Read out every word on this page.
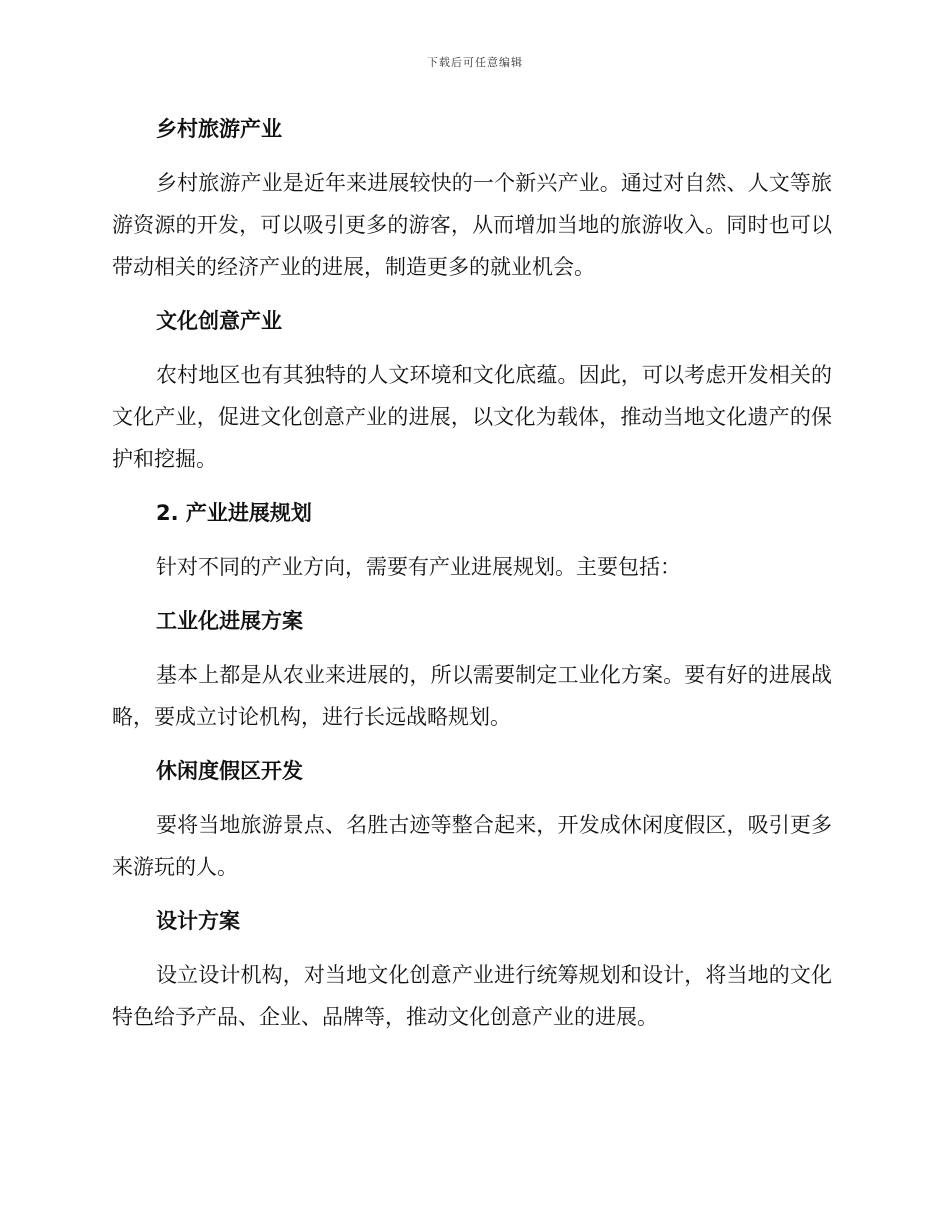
下载后可任意编辑
乡村旅游产业

乡村旅游产业是近年来进展较快的一个新兴产业。通过对自然、人文等旅游资源的开发，可以吸引更多的游客，从而增加当地的旅游收入。同时也可以带动相关的经济产业的进展，制造更多的就业机会。

文化创意产业

农村地区也有其独特的人文环境和文化底蕴。因此，可以考虑开发相关的文化产业，促进文化创意产业的进展，以文化为载体，推动当地文化遗产的保护和挖掘。

2. 产业进展规划

针对不同的产业方向，需要有产业进展规划。主要包括：

工业化进展方案

基本上都是从农业来进展的，所以需要制定工业化方案。要有好的进展战略，要成立讨论机构，进行长远战略规划。

休闲度假区开发

要将当地旅游景点、名胜古迹等整合起来，开发成休闲度假区，吸引更多来游玩的人。

设计方案

设立设计机构，对当地文化创意产业进行统筹规划和设计，将当地的文化特色给予产品、企业、品牌等，推动文化创意产业的进展。
